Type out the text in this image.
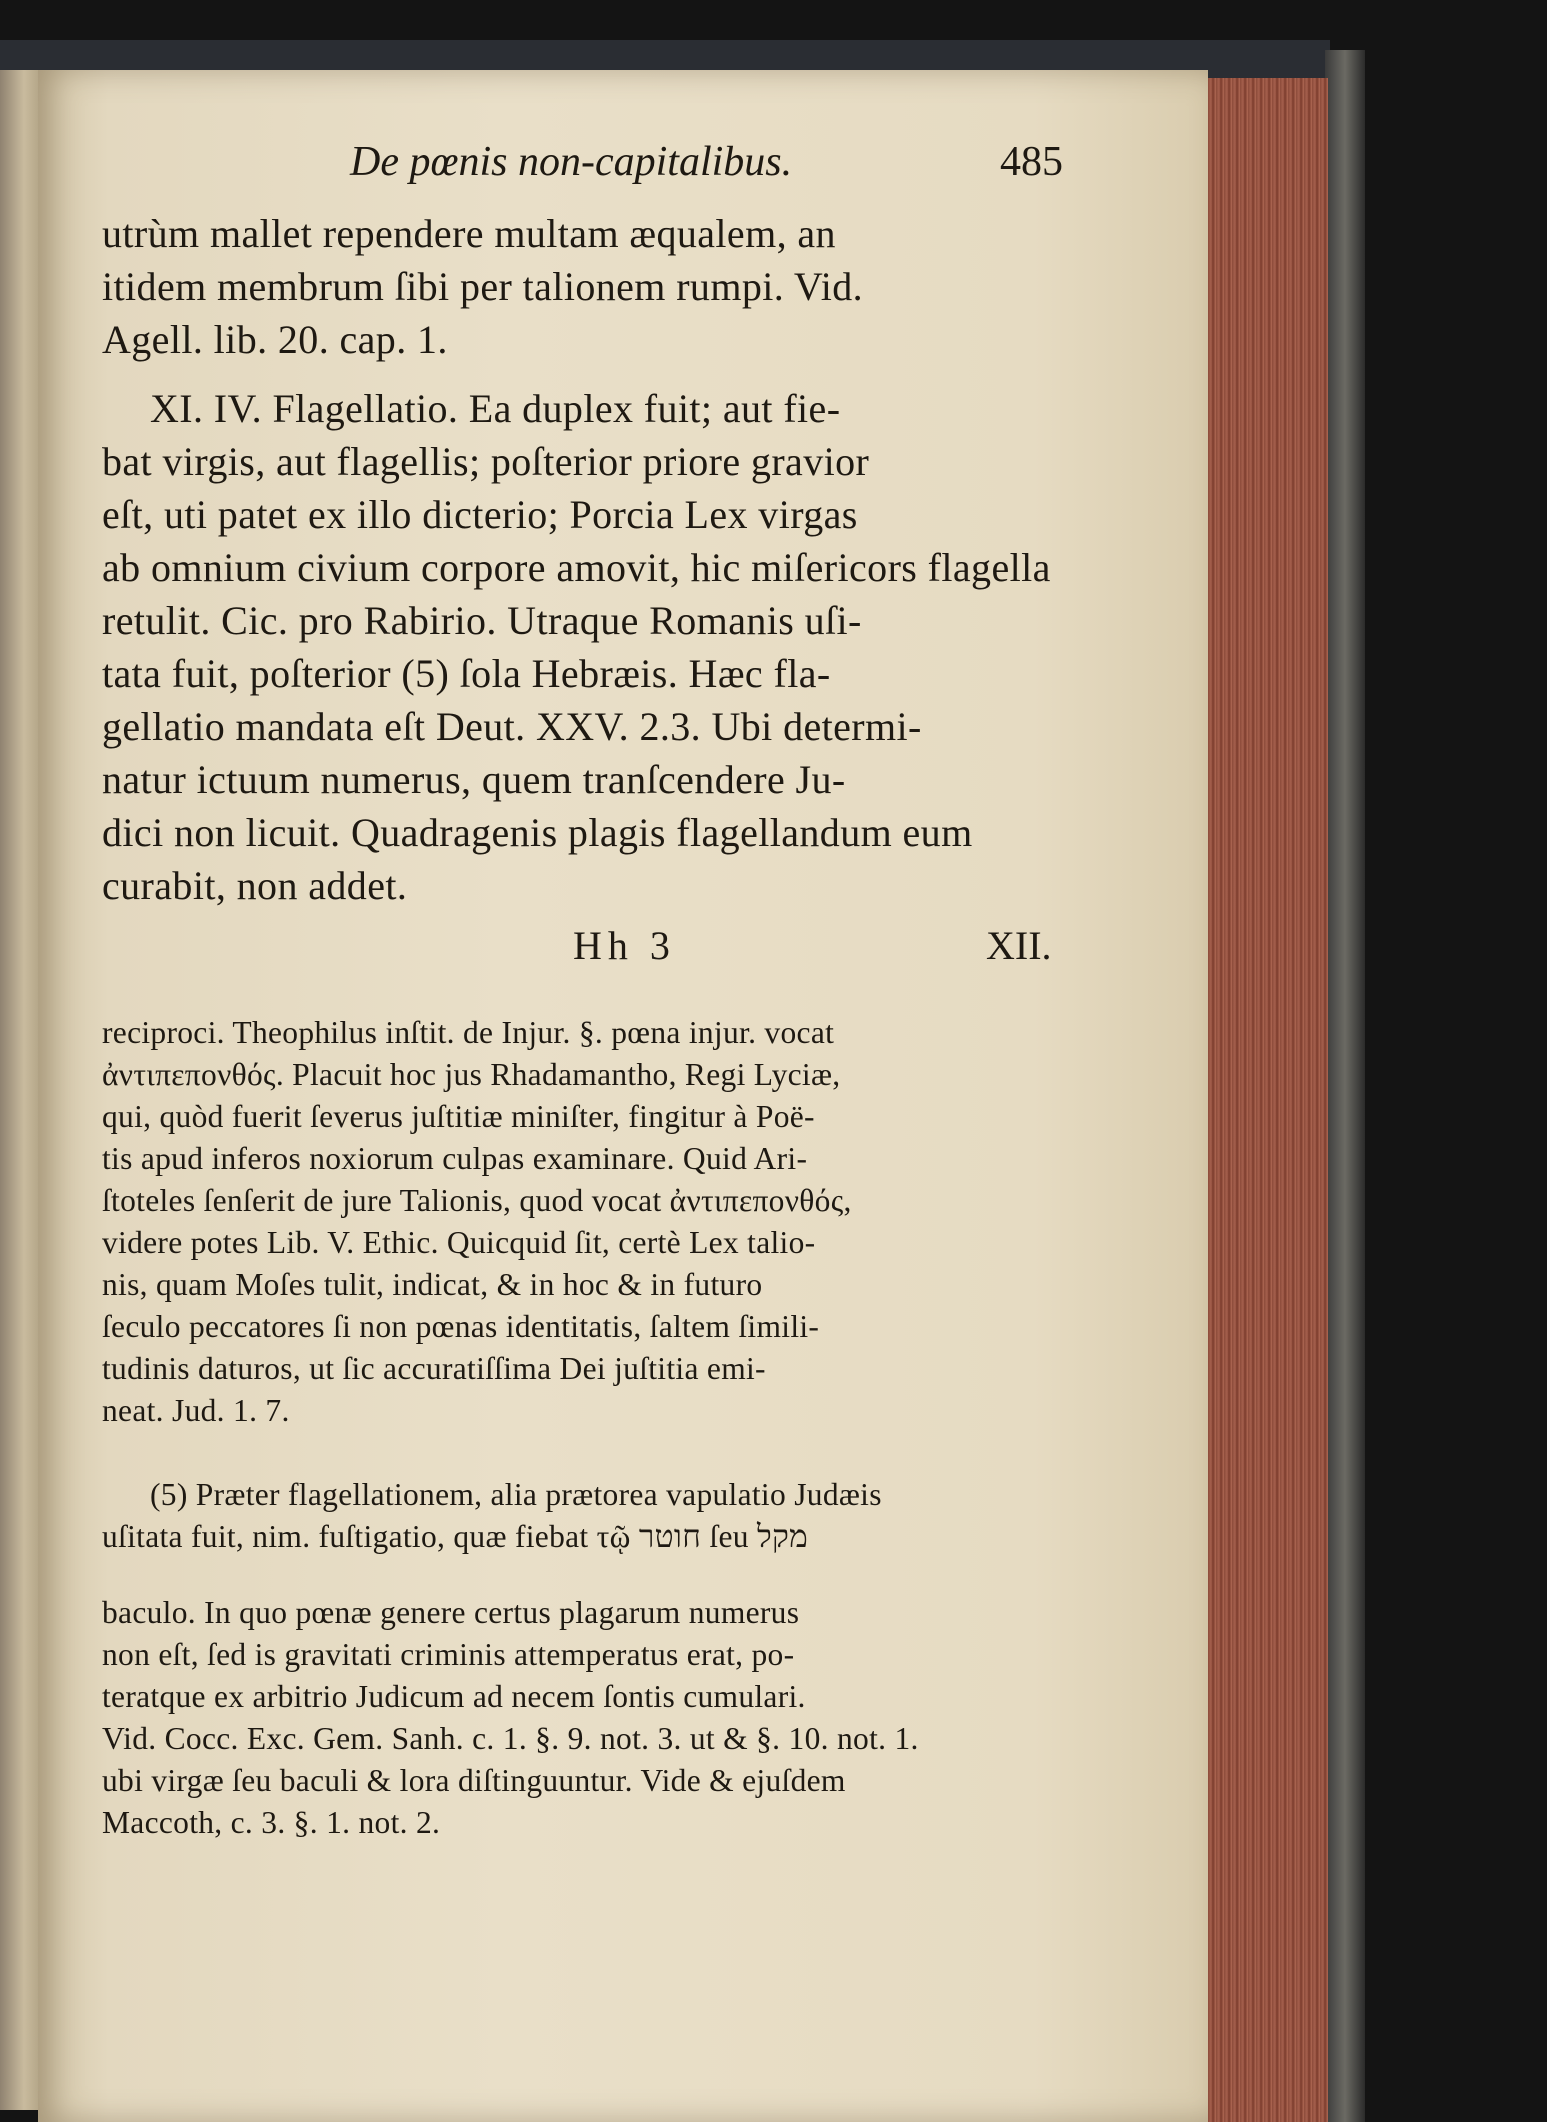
De pœnis non-capitalibus.	485
utrùm mallet rependere multam æqualem, an
itidem membrum ſibi per talionem rumpi. Vid.
Agell. lib. 20. cap. 1.
XI. IV. Flagellatio. Ea duplex fuit; aut fie-
bat virgis, aut flagellis; poſterior priore gravior
eſt, uti patet ex illo dicterio; Porcia Lex virgas
ab omnium civium corpore amovit, hic miſericors flagella
retulit. Cic. pro Rabirio. Utraque Romanis uſi-
tata fuit, poſterior (5) ſola Hebræis. Hæc fla-
gellatio mandata eſt Deut. XXV. 2.3. Ubi determi-
natur ictuum numerus, quem tranſcendere Ju-
dici non licuit. Quadragenis plagis flagellandum eum
curabit, non addet.
Hh 3	XII.
reciproci. Theophilus inſtit. de Injur. §. pœna injur. vocat
ἀντιπεπονθός. Placuit hoc jus Rhadamantho, Regi Lyciæ,
qui, quòd fuerit ſeverus juſtitiæ miniſter, fingitur à Poë-
tis apud inferos noxiorum culpas examinare. Quid Ari-
ſtoteles ſenſerit de jure Talionis, quod vocat ἀντιπεπονθός,
videre potes Lib. V. Ethic. Quicquid ſit, certè Lex talio-
nis, quam Moſes tulit, indicat, & in hoc & in futuro
ſeculo peccatores ſi non pœnas identitatis, ſaltem ſimili-
tudinis daturos, ut ſic accuratiſſima Dei juſtitia emi-
neat. Jud. 1. 7.
(5) Præter flagellationem, alia prætorea vapulatio Judæis
uſitata fuit, nim. fuſtigatio, quæ fiebat τῷ חוטר ſeu מקל
baculo. In quo pœnæ genere certus plagarum numerus
non eſt, ſed is gravitati criminis attemperatus erat, po-
teratque ex arbitrio Judicum ad necem ſontis cumulari.
Vid. Cocc. Exc. Gem. Sanh. c. 1. §. 9. not. 3. ut & §. 10. not. 1.
ubi virgæ ſeu baculi & lora diſtinguuntur. Vide & ejuſdem
Maccoth, c. 3. §. 1. not. 2.
